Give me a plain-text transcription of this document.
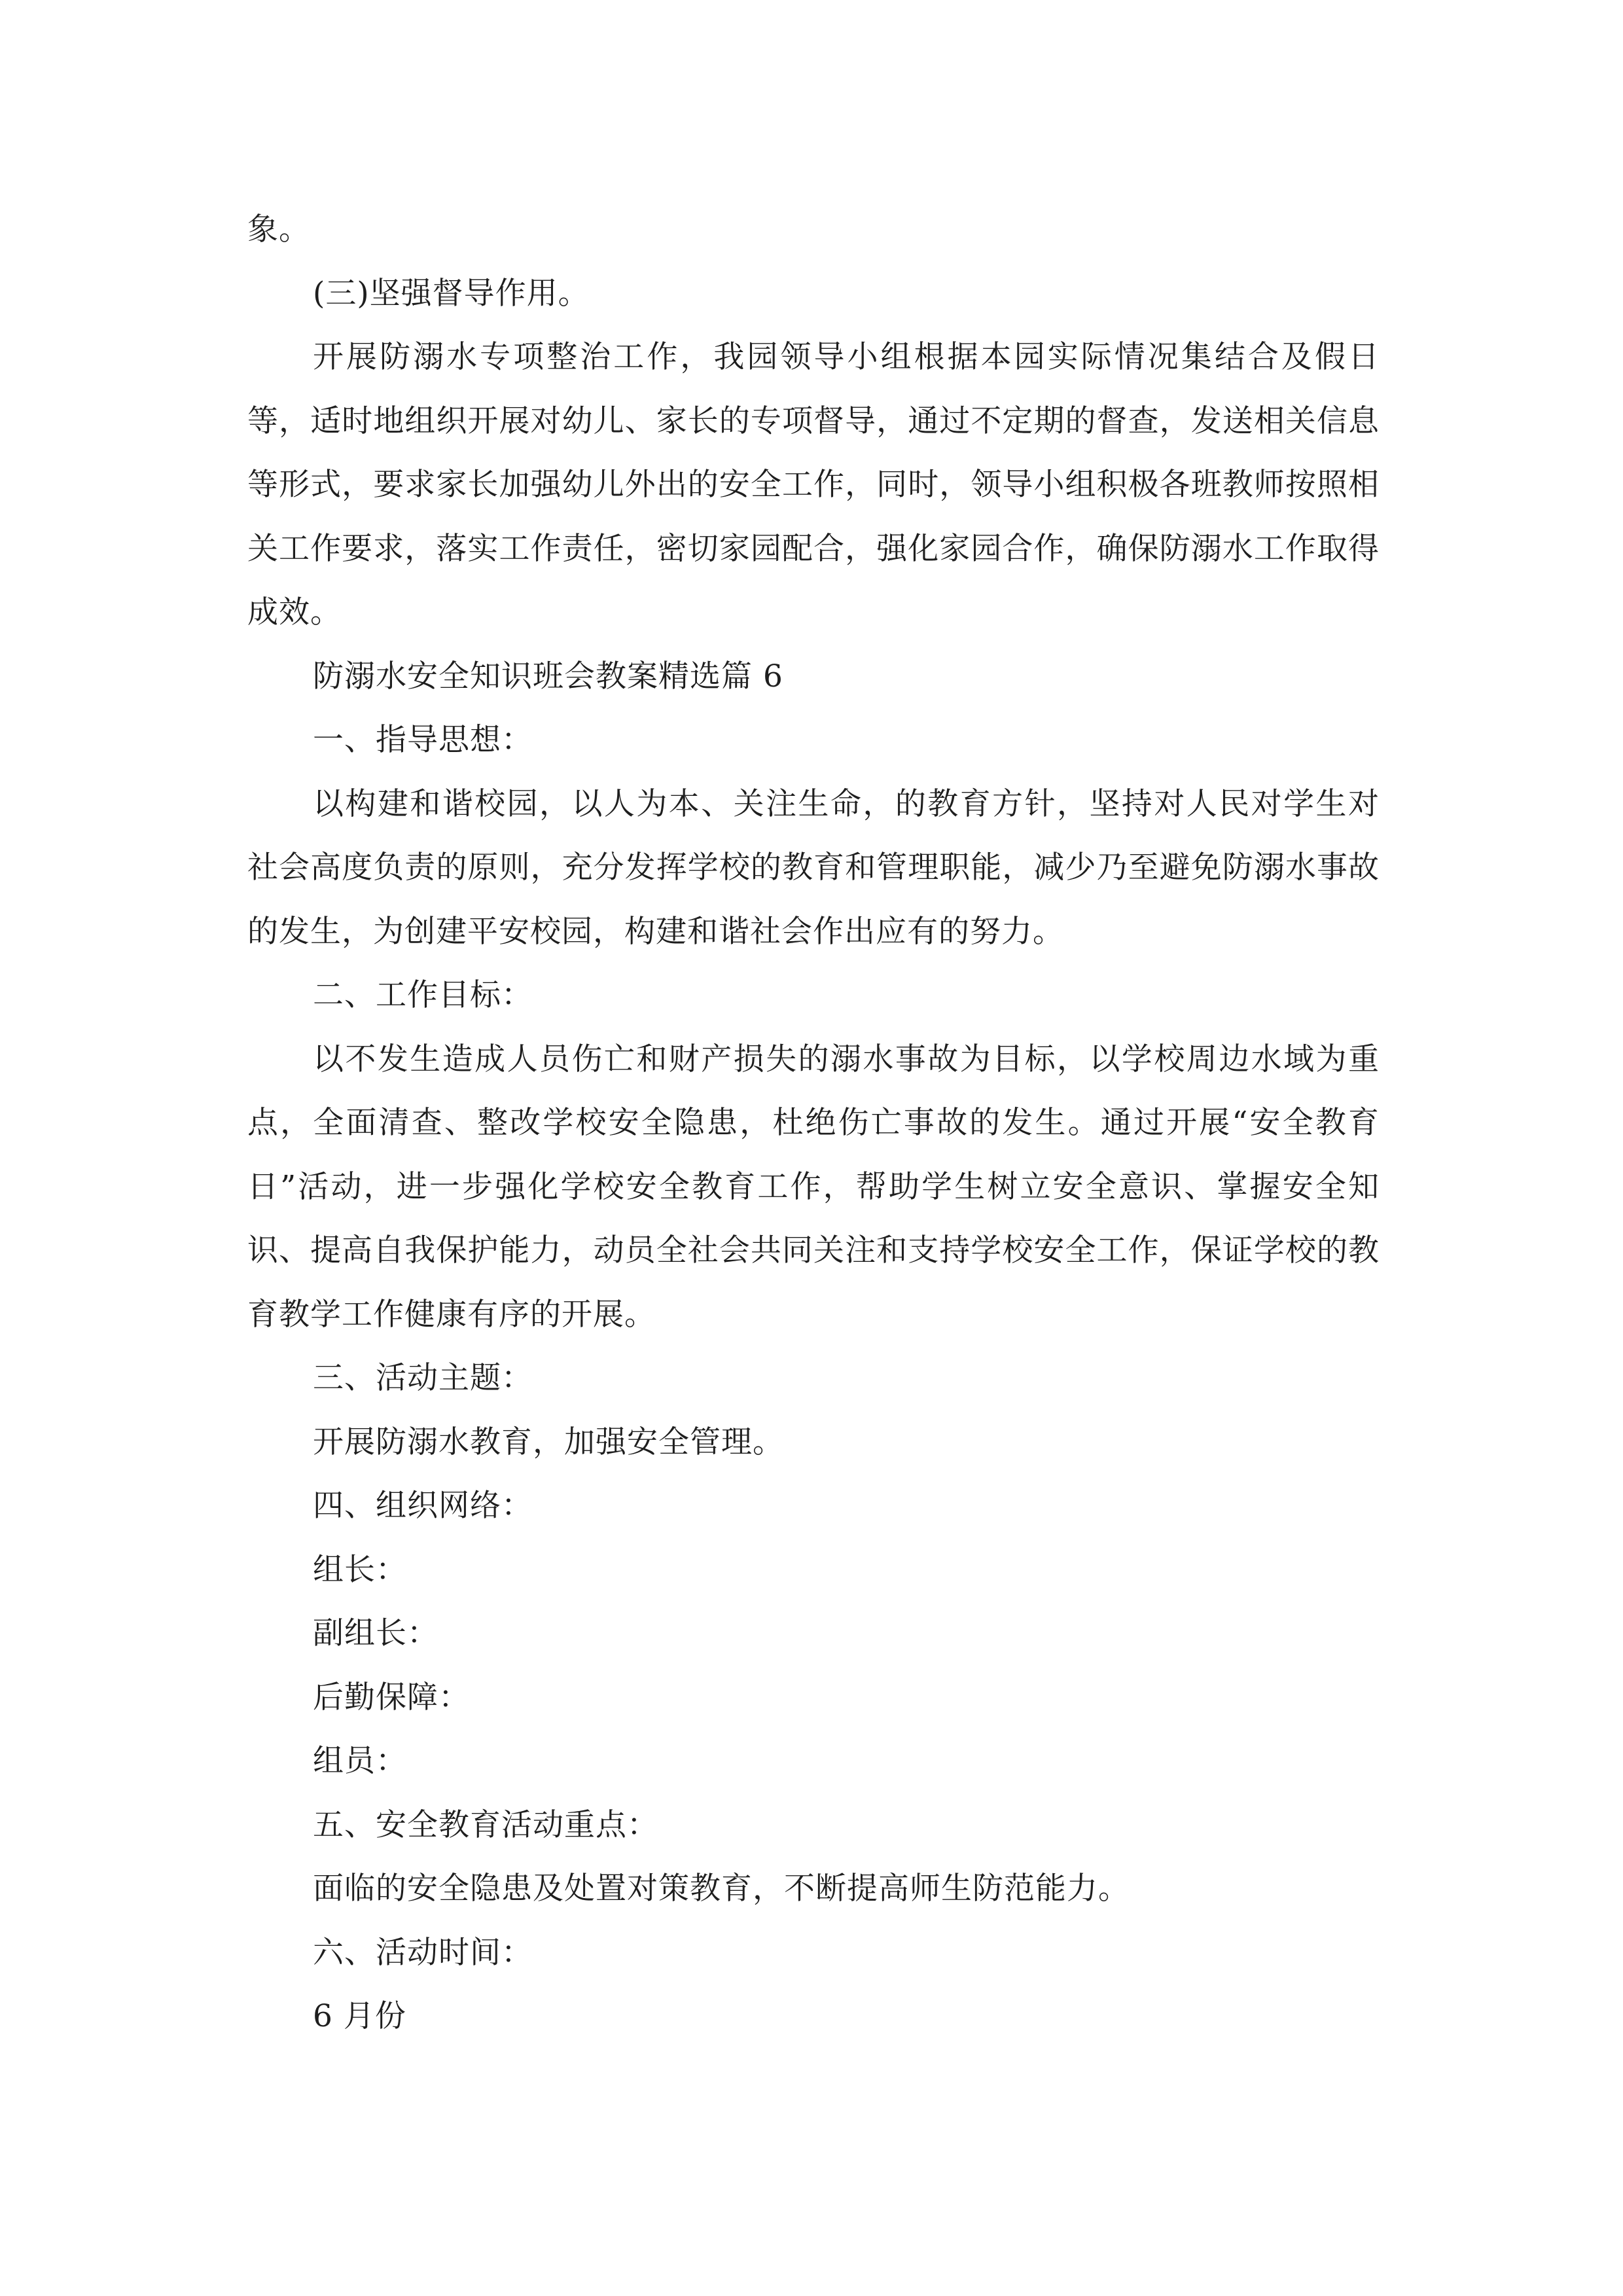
象。

(三)坚强督导作用。

开展防溺水专项整治工作，我园领导小组根据本园实际情况集结合及假日等，适时地组织开展对幼儿、家长的专项督导，通过不定期的督查，发送相关信息等形式，要求家长加强幼儿外出的安全工作，同时，领导小组积极各班教师按照相关工作要求，落实工作责任，密切家园配合，强化家园合作，确保防溺水工作取得成效。

防溺水安全知识班会教案精选篇 6

一、指导思想：

以构建和谐校园，以人为本、关注生命，的教育方针，坚持对人民对学生对社会高度负责的原则，充分发挥学校的教育和管理职能，减少乃至避免防溺水事故的发生，为创建平安校园，构建和谐社会作出应有的努力。

二、工作目标：

以不发生造成人员伤亡和财产损失的溺水事故为目标，以学校周边水域为重点，全面清查、整改学校安全隐患，杜绝伤亡事故的发生。通过开展“安全教育日”活动，进一步强化学校安全教育工作，帮助学生树立安全意识、掌握安全知识、提高自我保护能力，动员全社会共同关注和支持学校安全工作，保证学校的教育教学工作健康有序的开展。

三、活动主题：

开展防溺水教育，加强安全管理。

四、组织网络：

组长：

副组长：

后勤保障：

组员：

五、安全教育活动重点：

面临的安全隐患及处置对策教育，不断提高师生防范能力。

六、活动时间：

6 月份
